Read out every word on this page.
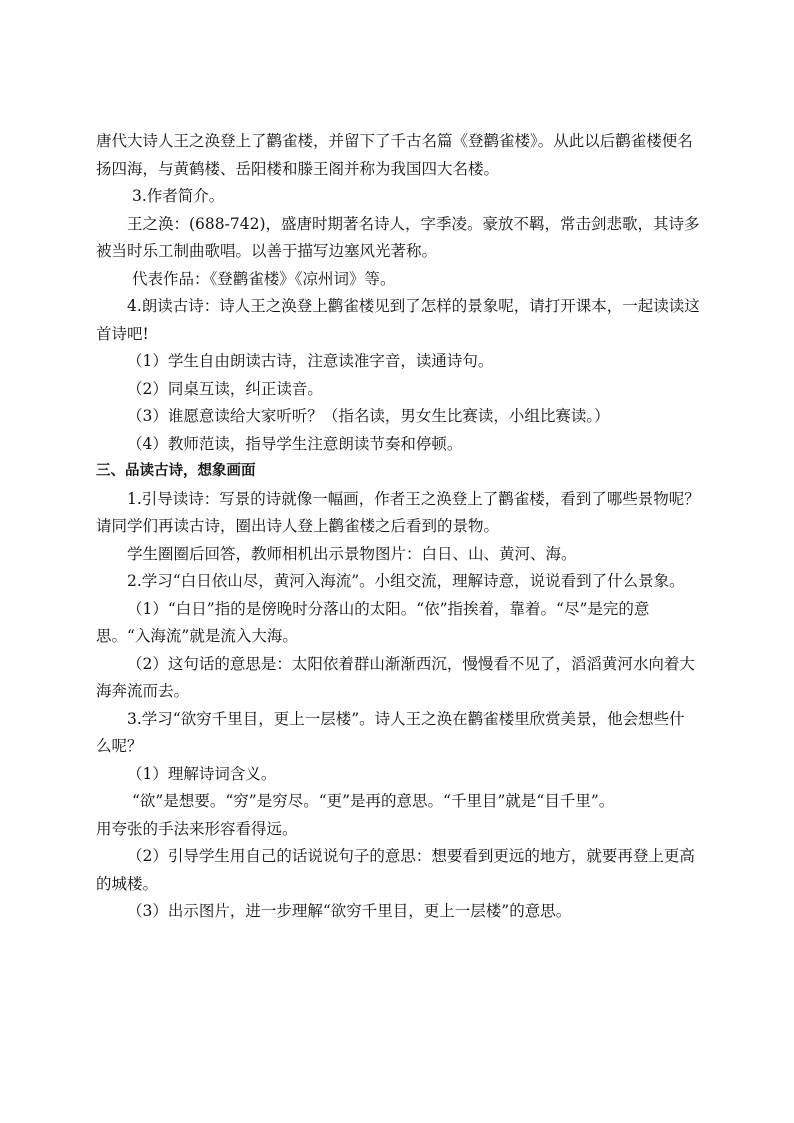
唐代大诗人王之涣登上了鹳雀楼，并留下了千古名篇《登鹳雀楼》。从此以后鹳雀楼便名

扬四海，与黄鹤楼、岳阳楼和滕王阁并称为我国四大名楼。

3.作者简介。

王之涣：(688-742)，盛唐时期著名诗人，字季凌。豪放不羁，常击剑悲歌，其诗多

被当时乐工制曲歌唱。以善于描写边塞风光著称。

代表作品：《登鹳雀楼》《凉州词》等。

4.朗读古诗：诗人王之涣登上鹳雀楼见到了怎样的景象呢，请打开课本，一起读读这

首诗吧!

（1）学生自由朗读古诗，注意读准字音，读通诗句。

（2）同桌互读，纠正读音。

（3）谁愿意读给大家听听？（指名读，男女生比赛读，小组比赛读。）

（4）教师范读，指导学生注意朗读节奏和停顿。

三、品读古诗，想象画面

1.引导读诗：写景的诗就像一幅画，作者王之涣登上了鹳雀楼，看到了哪些景物呢？

请同学们再读古诗，圈出诗人登上鹳雀楼之后看到的景物。

学生圈圈后回答，教师相机出示景物图片：白日、山、黄河、海。

2.学习“白日依山尽，黄河入海流”。小组交流，理解诗意，说说看到了什么景象。

（1）“白日”指的是傍晚时分落山的太阳。“依”指挨着，靠着。“尽”是完的意

思。“入海流”就是流入大海。

（2）这句话的意思是：太阳依着群山渐渐西沉，慢慢看不见了，滔滔黄河水向着大

海奔流而去。

3.学习“欲穷千里目，更上一层楼”。诗人王之涣在鹳雀楼里欣赏美景，他会想些什

么呢？

（1）理解诗词含义。

“欲”是想要。“穷”是穷尽。“更”是再的意思。“千里目”就是“目千里”。

用夸张的手法来形容看得远。

（2）引导学生用自己的话说说句子的意思：想要看到更远的地方，就要再登上更高

的城楼。

（3）出示图片，进一步理解“欲穷千里目，更上一层楼”的意思。
